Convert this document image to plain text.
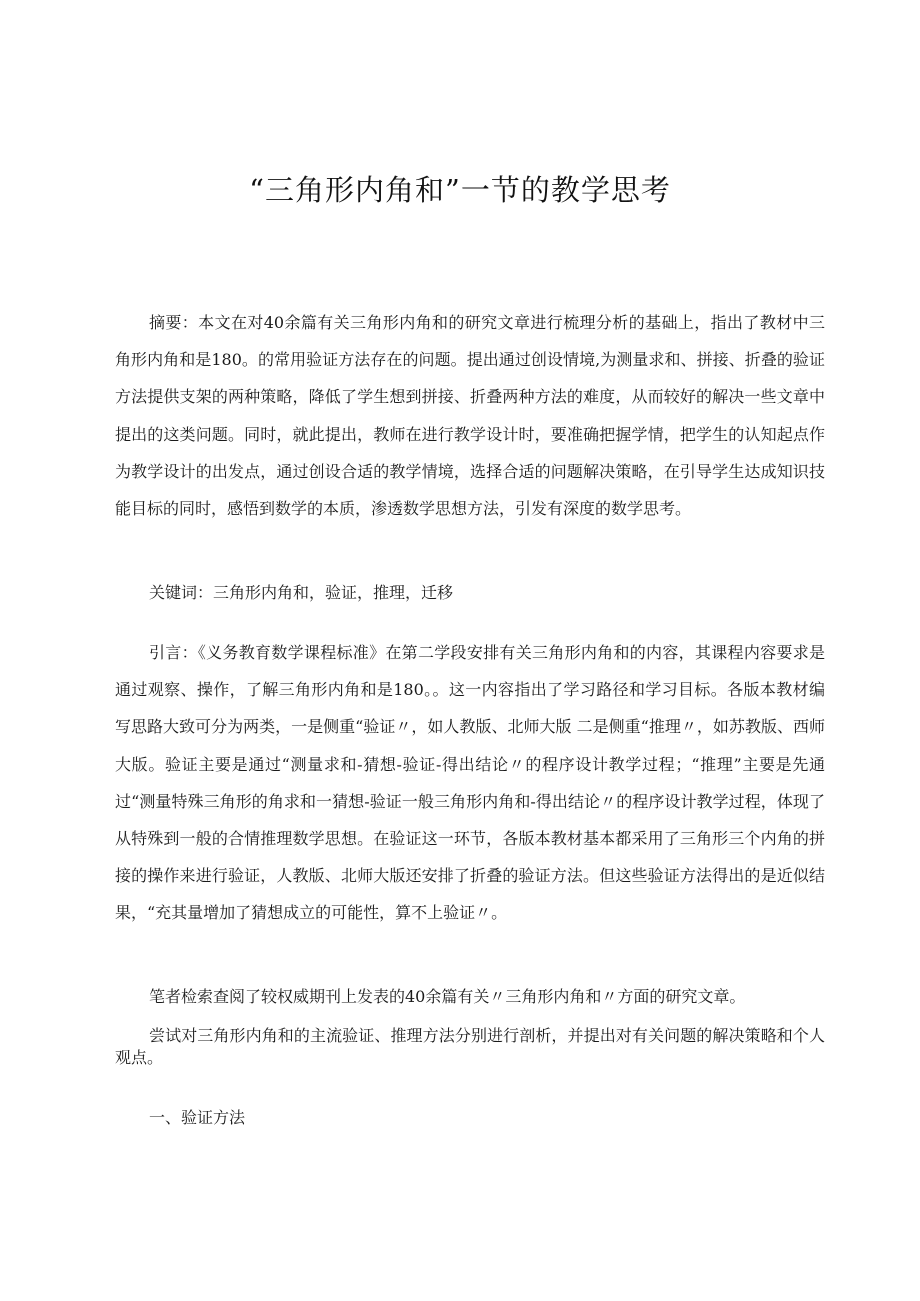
“三角形内角和”一节的教学思考

摘要：本文在对40余篇有关三角形内角和的研究文章进行梳理分析的基础上，指出了教材中三角形内角和是180。的常用验证方法存在的问题。提出通过创设情境,为测量求和、拼接、折叠的验证方法提供支架的两种策略，降低了学生想到拼接、折叠两种方法的难度，从而较好的解决一些文章中提出的这类问题。同时，就此提出，教师在进行教学设计时，要准确把握学情，把学生的认知起点作为教学设计的出发点，通过创设合适的教学情境，选择合适的问题解决策略，在引导学生达成知识技能目标的同时，感悟到数学的本质，渗透数学思想方法，引发有深度的数学思考。

关键词：三角形内角和，验证，推理，迁移

引言：《义务教育数学课程标准》在第二学段安排有关三角形内角和的内容，其课程内容要求是 通过观察、操作，了解三角形内角和是180。。这一内容指出了学习路径和学习目标。各版本教材编写思路大致可分为两类，一是侧重“验证〃，如人教版、北师大版 二是侧重“推理〃，如苏教版、西师大版。验证主要是通过“测量求和-猜想-验证-得出结论〃的程序设计教学过程；“推理”主要是先通过“测量特殊三角形的角求和一猜想-验证一般三角形内角和-得出结论〃的程序设计教学过程，体现了从特殊到一般的合情推理数学思想。在验证这一环节，各版本教材基本都采用了三角形三个内角的拼接的操作来进行验证，人教版、北师大版还安排了折叠的验证方法。但这些验证方法得出的是近似结果，“充其量增加了猜想成立的可能性，算不上验证〃。

笔者检索查阅了较权威期刊上发表的40余篇有关〃三角形内角和〃方面的研究文章。

尝试对三角形内角和的主流验证、推理方法分别进行剖析，并提出对有关问题的解决策略和个人观点。

一、验证方法
